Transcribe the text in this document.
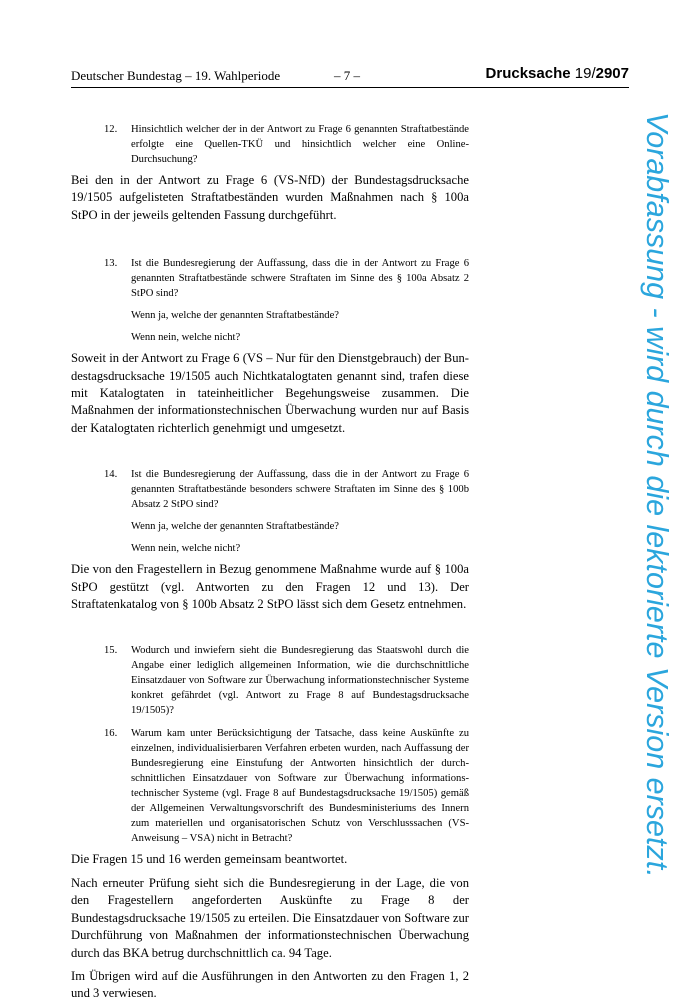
Deutscher Bundestag – 19. Wahlperiode	– 7 –	Drucksache 19/2907
12. Hinsichtlich welcher der in der Antwort zu Frage 6 genannten Straftatbestände erfolgte eine Quellen-TKÜ und hinsichtlich welcher eine Online-Durchsuchung?

Bei den in der Antwort zu Frage 6 (VS-NfD) der Bundestagsdrucksache 19/1505 aufgelisteten Straftatbeständen wurden Maßnahmen nach § 100a StPO in der jeweils geltenden Fassung durchgeführt.

13. Ist die Bundesregierung der Auffassung, dass die in der Antwort zu Frage 6 genannten Straftatbestände schwere Straftaten im Sinne des § 100a Absatz 2 StPO sind?
Wenn ja, welche der genannten Straftatbestände?
Wenn nein, welche nicht?

Soweit in der Antwort zu Frage 6 (VS – Nur für den Dienstgebrauch) der Bundestagsdrucksache 19/1505 auch Nichtkatalogtaten genannt sind, trafen diese mit Katalogtaten in tateinheitlicher Begehungsweise zusammen. Die Maßnahmen der informationstechnischen Überwachung wurden nur auf Basis der Katalogtaten richterlich genehmigt und umgesetzt.

14. Ist die Bundesregierung der Auffassung, dass die in der Antwort zu Frage 6 genannten Straftatbestände besonders schwere Straftaten im Sinne des § 100b Absatz 2 StPO sind?
Wenn ja, welche der genannten Straftatbestände?
Wenn nein, welche nicht?

Die von den Fragestellern in Bezug genommene Maßnahme wurde auf § 100a StPO gestützt (vgl. Antworten zu den Fragen 12 und 13). Der Straftatenkatalog von § 100b Absatz 2 StPO lässt sich dem Gesetz entnehmen.

15. Wodurch und inwiefern sieht die Bundesregierung das Staatswohl durch die Angabe einer lediglich allgemeinen Information, wie die durchschnittliche Einsatzdauer von Software zur Überwachung informationstechnischer Systeme konkret gefährdet (vgl. Antwort zu Frage 8 auf Bundestagsdrucksache 19/1505)?
16. Warum kam unter Berücksichtigung der Tatsache, dass keine Auskünfte zu einzelnen, individualisierbaren Verfahren erbeten wurden, nach Auffassung der Bundesregierung eine Einstufung der Antworten hinsichtlich der durchschnittlichen Einsatzdauer von Software zur Überwachung informationstechnischer Systeme (vgl. Frage 8 auf Bundestagsdrucksache 19/1505) gemäß der Allgemeinen Verwaltungsvorschrift des Bundesministeriums des Innern zum materiellen und organisatorischen Schutz von Verschlusssachen (VS-Anweisung – VSA) nicht in Betracht?

Die Fragen 15 und 16 werden gemeinsam beantwortet.

Nach erneuter Prüfung sieht sich die Bundesregierung in der Lage, die von den Fragestellern angeforderten Auskünfte zu Frage 8 der Bundestagsdrucksache 19/1505 zu erteilen. Die Einsatzdauer von Software zur Durchführung von Maßnahmen der informationstechnischen Überwachung durch das BKA betrug durchschnittlich ca. 94 Tage.

Im Übrigen wird auf die Ausführungen in den Antworten zu den Fragen 1, 2 und 3 verwiesen.

Vorabfassung - wird durch die lektorierte Version ersetzt.
